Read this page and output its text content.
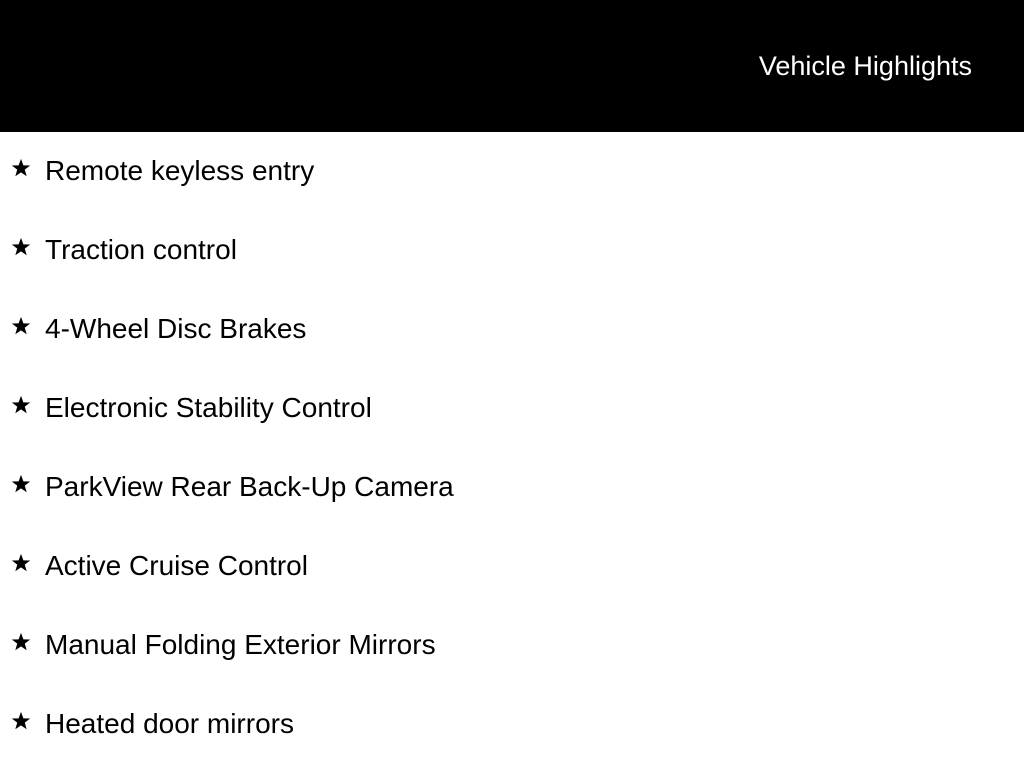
Vehicle Highlights
Remote keyless entry
Traction control
4-Wheel Disc Brakes
Electronic Stability Control
ParkView Rear Back-Up Camera
Active Cruise Control
Manual Folding Exterior Mirrors
Heated door mirrors
